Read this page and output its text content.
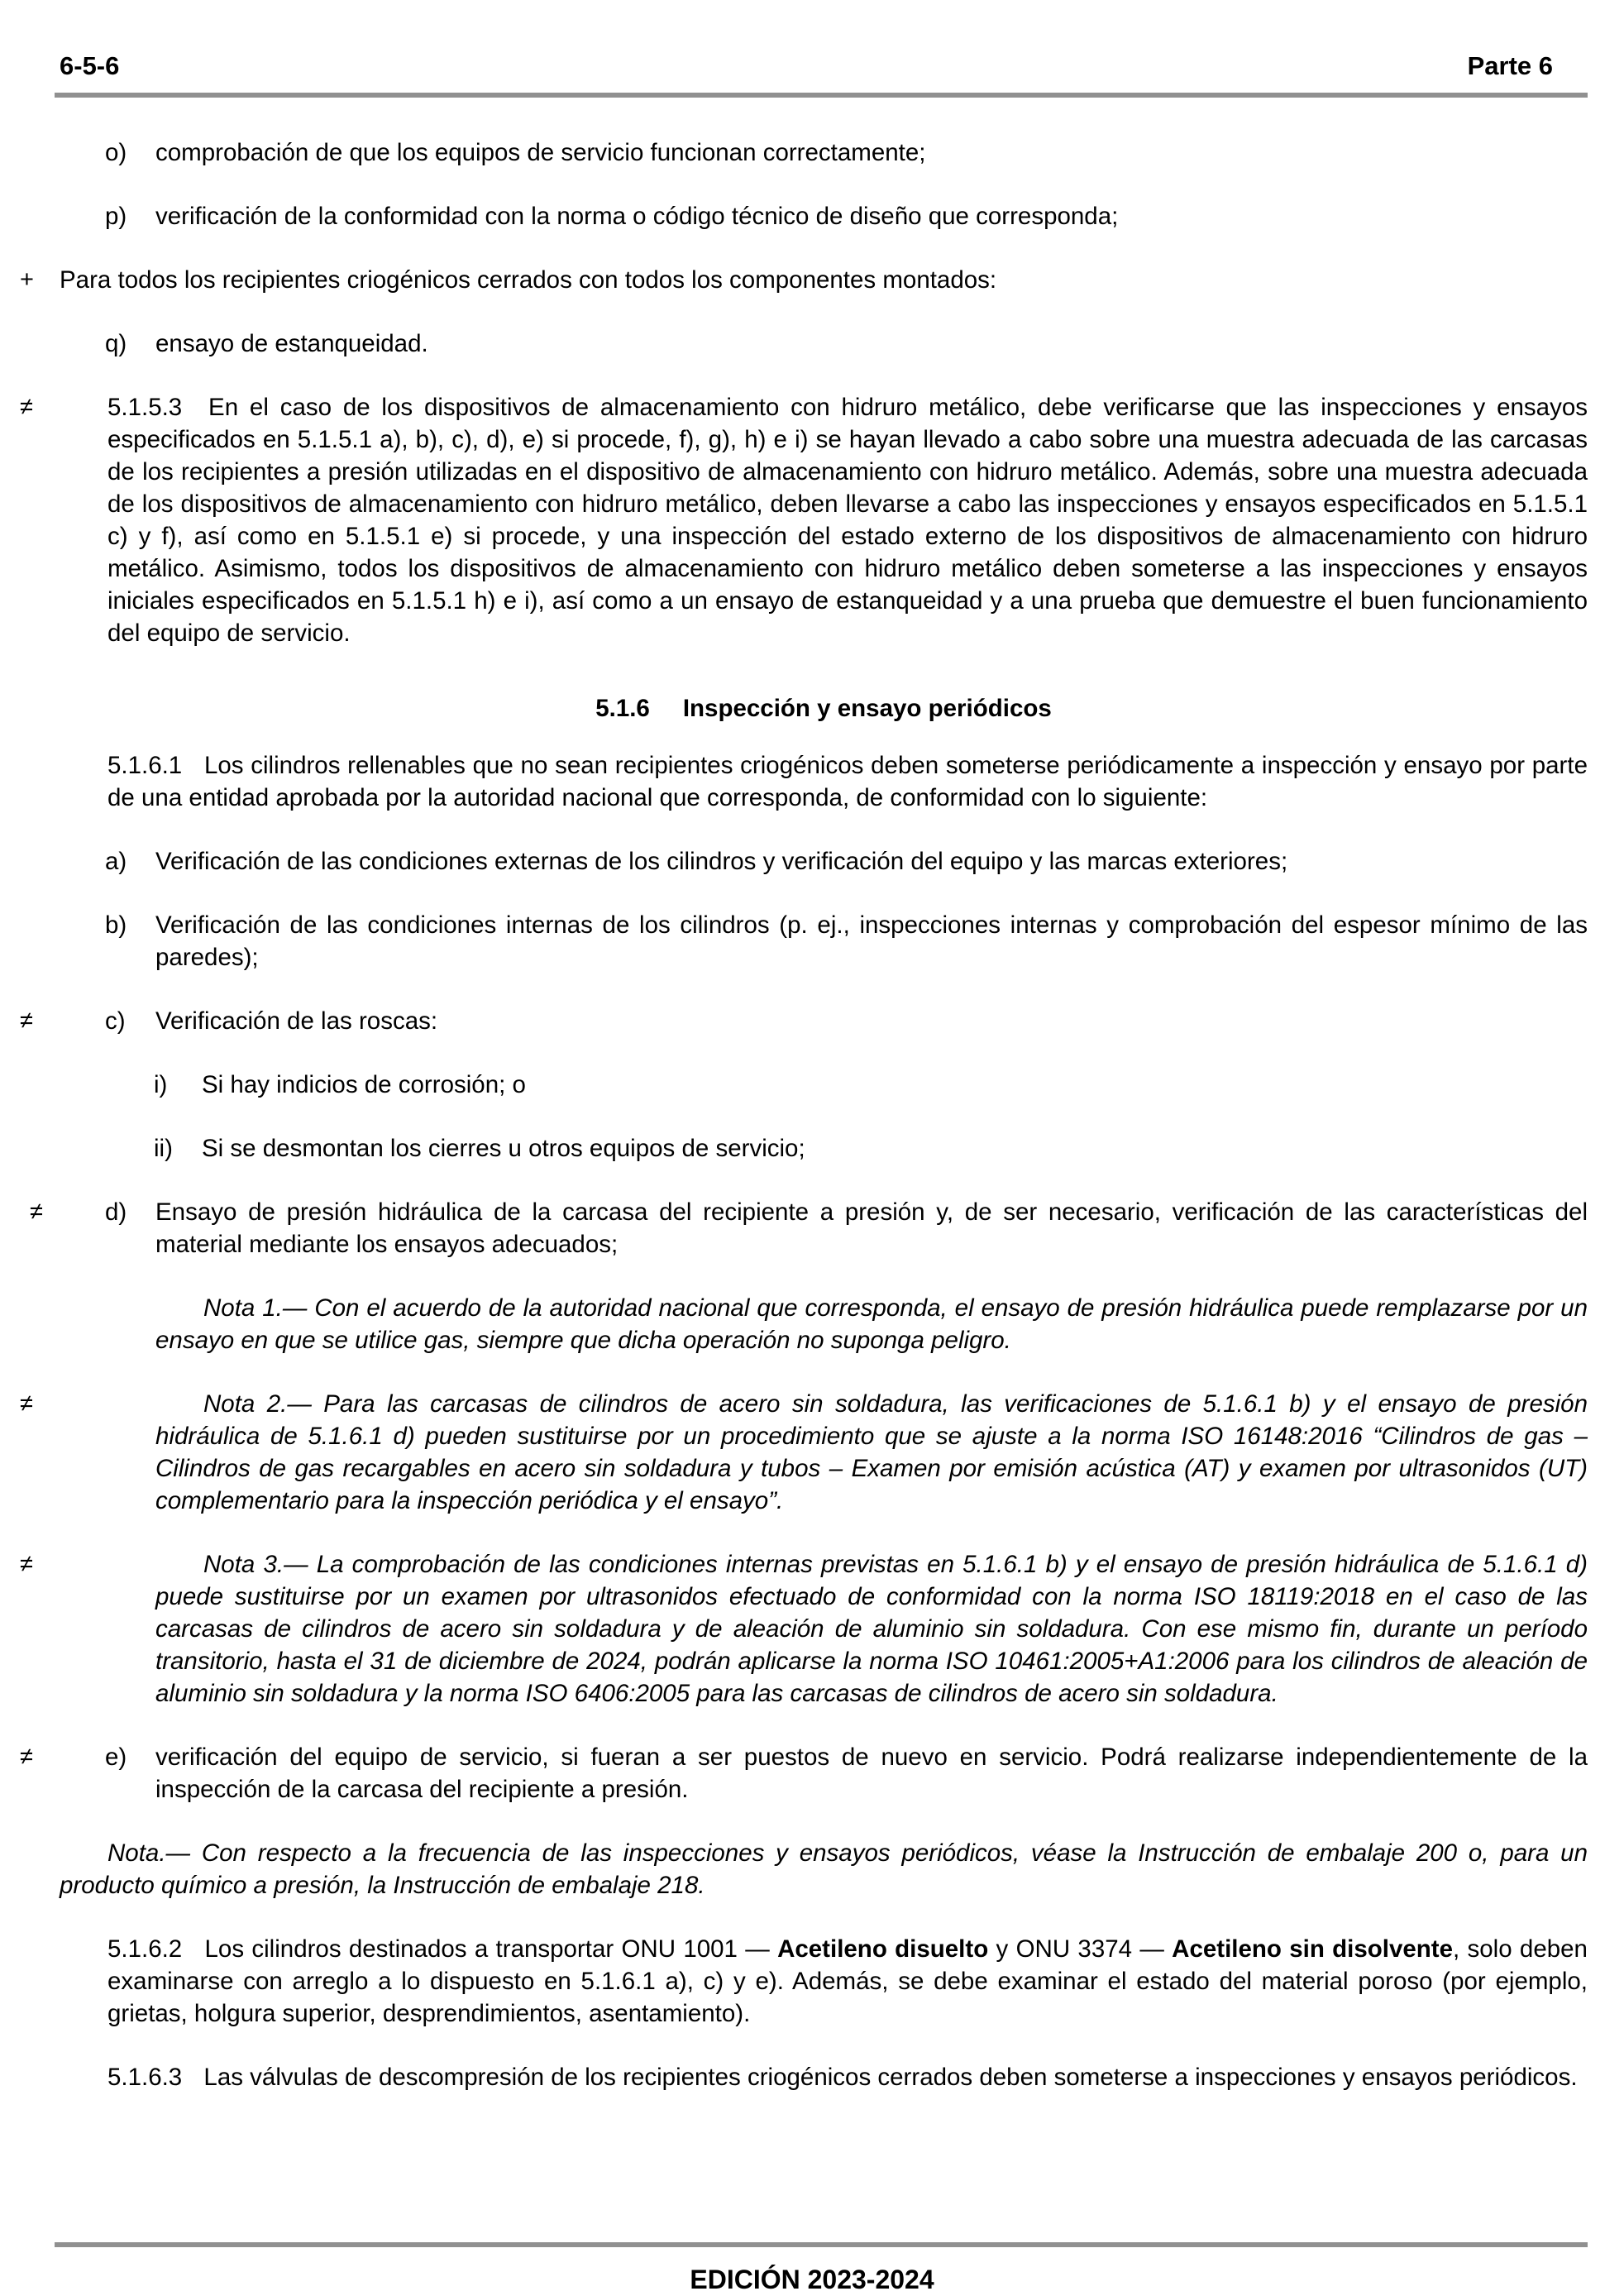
6-5-6	Parte 6
o) comprobación de que los equipos de servicio funcionan correctamente;
p) verificación de la conformidad con la norma o código técnico de diseño que corresponda;
+ Para todos los recipientes criogénicos cerrados con todos los componentes montados:
q) ensayo de estanqueidad.
≠	5.1.5.3 En el caso de los dispositivos de almacenamiento con hidruro metálico, debe verificarse que las inspecciones y ensayos especificados en 5.1.5.1 a), b), c), d), e) si procede, f), g), h) e i) se hayan llevado a cabo sobre una muestra adecuada de las carcasas de los recipientes a presión utilizadas en el dispositivo de almacenamiento con hidruro metálico. Además, sobre una muestra adecuada de los dispositivos de almacenamiento con hidruro metálico, deben llevarse a cabo las inspecciones y ensayos especificados en 5.1.5.1 c) y f), así como en 5.1.5.1 e) si procede, y una inspección del estado externo de los dispositivos de almacenamiento con hidruro metálico. Asimismo, todos los dispositivos de almacenamiento con hidruro metálico deben someterse a las inspecciones y ensayos iniciales especificados en 5.1.5.1 h) e i), así como a un ensayo de estanqueidad y a una prueba que demuestre el buen funcionamiento del equipo de servicio.
5.1.6 Inspección y ensayo periódicos
5.1.6.1 Los cilindros rellenables que no sean recipientes criogénicos deben someterse periódicamente a inspección y ensayo por parte de una entidad aprobada por la autoridad nacional que corresponda, de conformidad con lo siguiente:
a) Verificación de las condiciones externas de los cilindros y verificación del equipo y las marcas exteriores;
b) Verificación de las condiciones internas de los cilindros (p. ej., inspecciones internas y comprobación del espesor mínimo de las paredes);
≠	c) Verificación de las roscas:
i) Si hay indicios de corrosión; o
ii) Si se desmontan los cierres u otros equipos de servicio;
≠	d) Ensayo de presión hidráulica de la carcasa del recipiente a presión y, de ser necesario, verificación de las características del material mediante los ensayos adecuados;
Nota 1.— Con el acuerdo de la autoridad nacional que corresponda, el ensayo de presión hidráulica puede remplazarse por un ensayo en que se utilice gas, siempre que dicha operación no suponga peligro.
≠	Nota 2.— Para las carcasas de cilindros de acero sin soldadura, las verificaciones de 5.1.6.1 b) y el ensayo de presión hidráulica de 5.1.6.1 d) pueden sustituirse por un procedimiento que se ajuste a la norma ISO 16148:2016 “Cilindros de gas – Cilindros de gas recargables en acero sin soldadura y tubos – Examen por emisión acústica (AT) y examen por ultrasonidos (UT) complementario para la inspección periódica y el ensayo”.
≠	Nota 3.— La comprobación de las condiciones internas previstas en 5.1.6.1 b) y el ensayo de presión hidráulica de 5.1.6.1 d) puede sustituirse por un examen por ultrasonidos efectuado de conformidad con la norma ISO 18119:2018 en el caso de las carcasas de cilindros de acero sin soldadura y de aleación de aluminio sin soldadura. Con ese mismo fin, durante un período transitorio, hasta el 31 de diciembre de 2024, podrán aplicarse la norma ISO 10461:2005+A1:2006 para los cilindros de aleación de aluminio sin soldadura y la norma ISO 6406:2005 para las carcasas de cilindros de acero sin soldadura.
≠	e) verificación del equipo de servicio, si fueran a ser puestos de nuevo en servicio. Podrá realizarse independientemente de la inspección de la carcasa del recipiente a presión.
Nota.— Con respecto a la frecuencia de las inspecciones y ensayos periódicos, véase la Instrucción de embalaje 200 o, para un producto químico a presión, la Instrucción de embalaje 218.
5.1.6.2 Los cilindros destinados a transportar ONU 1001 — Acetileno disuelto y ONU 3374 — Acetileno sin disolvente, solo deben examinarse con arreglo a lo dispuesto en 5.1.6.1 a), c) y e). Además, se debe examinar el estado del material poroso (por ejemplo, grietas, holgura superior, desprendimientos, asentamiento).
5.1.6.3 Las válvulas de descompresión de los recipientes criogénicos cerrados deben someterse a inspecciones y ensayos periódicos.
EDICIÓN 2023-2024
